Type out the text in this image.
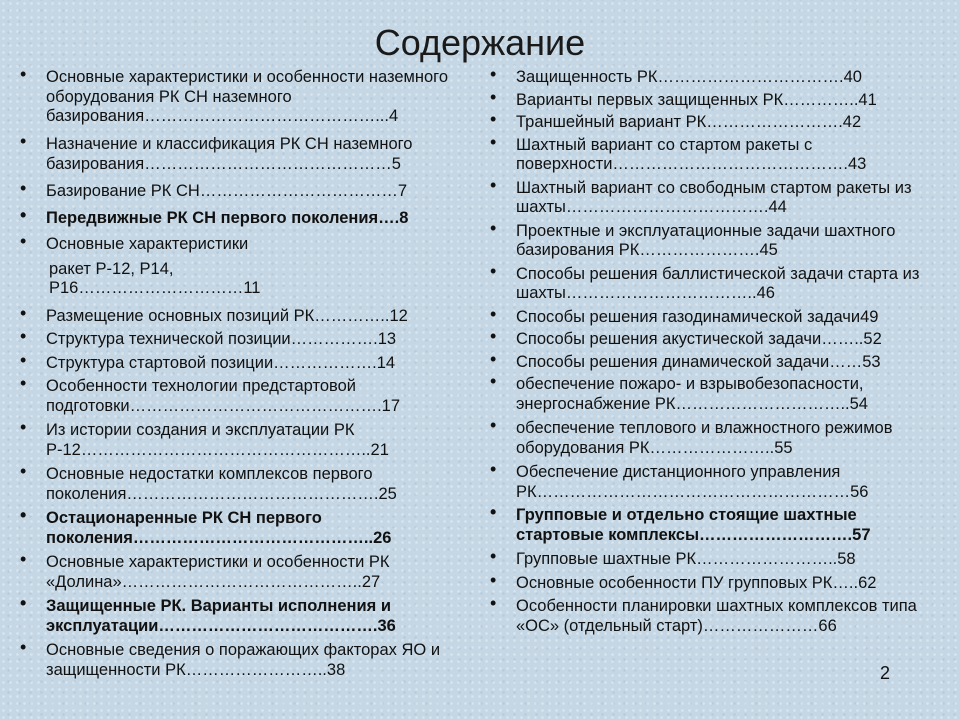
Содержание
• Основные характеристики и особенности наземного оборудования РК СН наземного базирования……………………………………...4
• Назначение и классификация РК СН наземного базирования………………………………………5
• Базирование РК СН………………………………7
• Передвижные РК СН первого поколения….8
• Основные характеристики
ракет Р-12, Р14, Р16…………………………11
• Размещение основных позиций РК…………..12
• Структура технической позиции…………….13
• Структура стартовой позиции……………….14
• Особенности технологии предстартовой подготовки……………………………………….17
• Из истории создания и эксплуатации РК Р-12……………………………………………..21
• Основные недостатки комплексов первого поколения……………………………………….25
• Остационаренные РК СН первого поколения……………………………………..26
• Основные характеристики и особенности РК «Долина»……………………………………..27
• Защищенные РК. Варианты исполнения и эксплуатации………………………………….36
• Основные сведения о поражающих факторах ЯО и защищенности РК……………………..38
• Защищенность РК…………………………….40
• Варианты первых защищенных РК…………..41
• Траншейный вариант РК…………………….42
• Шахтный вариант со стартом ракеты с поверхности…………………………………….43
• Шахтный вариант со свободным стартом ракеты из шахты……………………………….44
• Проектные и эксплуатационные задачи шахтного базирования РК………………….45
• Способы решения баллистической задачи старта из шахты……………………………..46
• Способы решения газодинамической задачи49
• Способы решения акустической задачи……..52
• Способы решения динамической задачи……53
• обеспечение пожаро- и взрывобезопасности, энергоснабжение РК…………………………..54
• обеспечение теплового и влажностного режимов оборудования РК…………………..55
• Обеспечение дистанционного управления РК…………………………………………………56
• Групповые и отдельно стоящие шахтные стартовые комплексы……………………….57
• Групповые шахтные РК……………………..58
• Основные особенности ПУ групповых РК…..62
• Особенности планировки шахтных комплексов типа «ОС» (отдельный старт)…………………66
2
